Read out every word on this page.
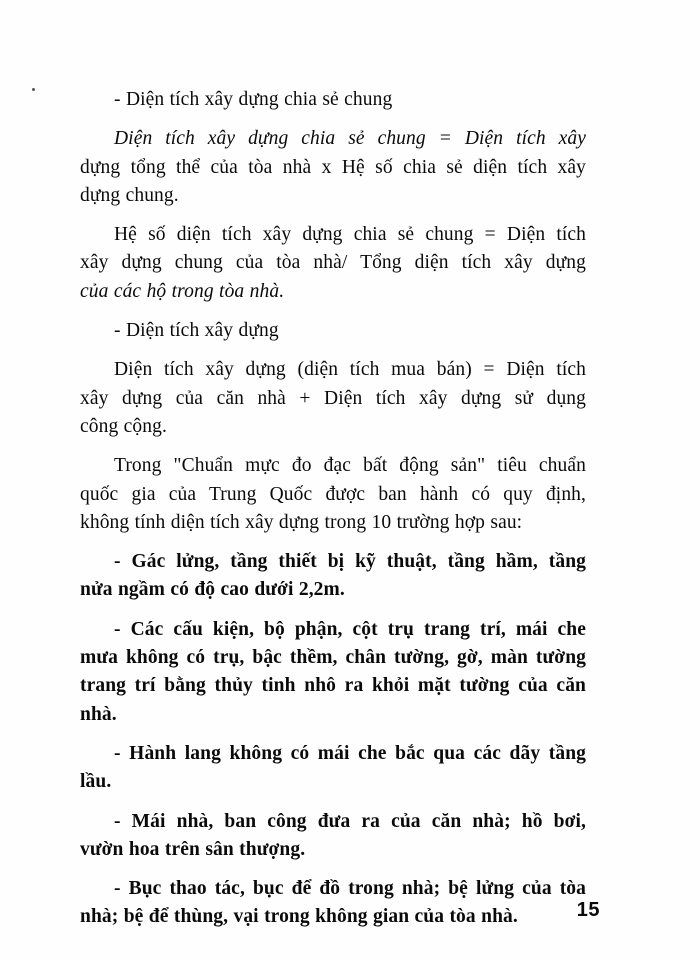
- Diện tích xây dựng chia sẻ chung

Diện tích xây dựng chia sẻ chung = Diện tích xây
dựng tổng thể của tòa nhà x Hệ số chia sẻ diện tích xây
dựng chung.

Hệ số diện tích xây dựng chia sẻ chung = Diện tích
xây dựng chung của tòa nhà/ Tổng diện tích xây dựng
của các hộ trong tòa nhà.

- Diện tích xây dựng

Diện tích xây dựng (diện tích mua bán) = Diện tích
xây dựng của căn nhà + Diện tích xây dựng sử dụng
công cộng.

Trong "Chuẩn mực đo đạc bất động sản" tiêu chuẩn
quốc gia của Trung Quốc được ban hành có quy định,
không tính diện tích xây dựng trong 10 trường hợp sau:

- Gác lửng, tầng thiết bị kỹ thuật, tầng hầm, tầng
nửa ngầm có độ cao dưới 2,2m.

- Các cấu kiện, bộ phận, cột trụ trang trí, mái che
mưa không có trụ, bậc thềm, chân tường, gờ, màn tường
trang trí bằng thủy tinh nhô ra khỏi mặt tường của căn
nhà.

- Hành lang không có mái che bắc qua các dãy tầng
lầu.

- Mái nhà, ban công đưa ra của căn nhà; hồ bơi,
vườn hoa trên sân thượng.

- Bục thao tác, bục để đồ trong nhà; bệ lửng của tòa
nhà; bệ để thùng, vại trong không gian của tòa nhà.	15
